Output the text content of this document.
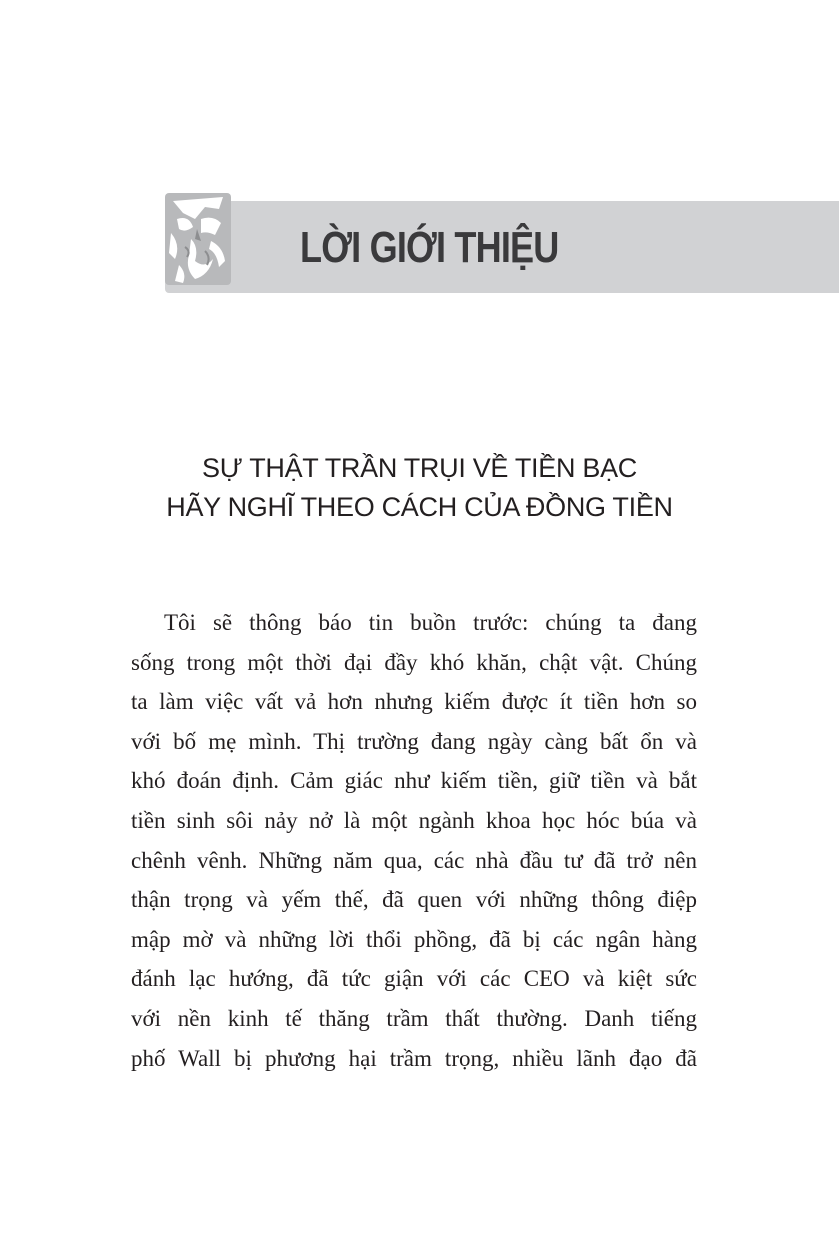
LỜI GIỚI THIỆU
SỰ THẬT TRẦN TRỤI VỀ TIỀN BẠC
HÃY NGHĨ THEO CÁCH CỦA ĐỒNG TIỀN
Tôi sẽ thông báo tin buồn trước: chúng ta đang
sống trong một thời đại đầy khó khăn, chật vật. Chúng
ta làm việc vất vả hơn nhưng kiếm được ít tiền hơn so
với bố mẹ mình. Thị trường đang ngày càng bất ổn và
khó đoán định. Cảm giác như kiếm tiền, giữ tiền và bắt
tiền sinh sôi nảy nở là một ngành khoa học hóc búa và
chênh vênh. Những năm qua, các nhà đầu tư đã trở nên
thận trọng và yếm thế, đã quen với những thông điệp
mập mờ và những lời thổi phồng, đã bị các ngân hàng
đánh lạc hướng, đã tức giận với các CEO và kiệt sức
với nền kinh tế thăng trầm thất thường. Danh tiếng
phố Wall bị phương hại trầm trọng, nhiều lãnh đạo đã
